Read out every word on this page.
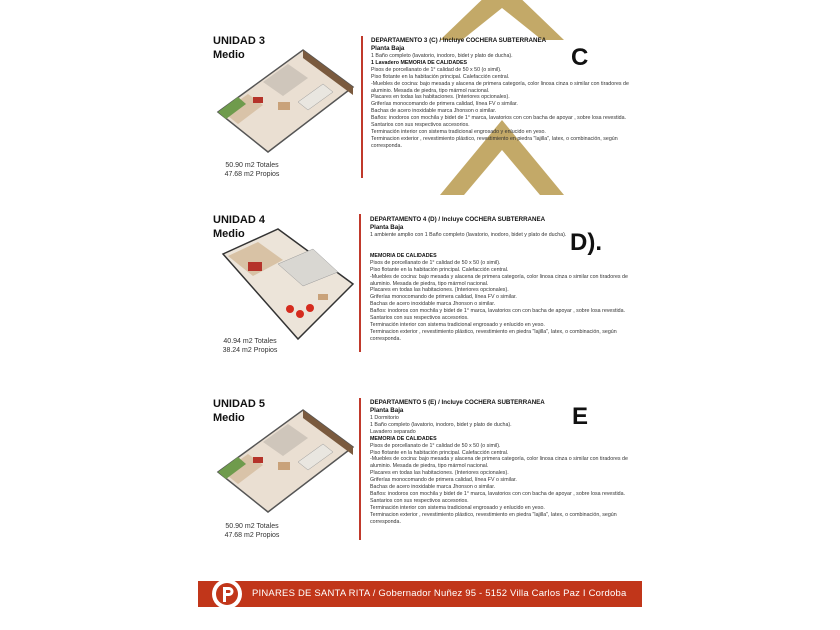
UNIDAD 3
Medio
50.90 m2 Totales
47.68 m2 Propios
DEPARTAMENTO 3 (C) / Incluye COCHERA SUBTERRANEA
Planta Baja
1 Baño completo (lavatorio, inodoro, bidet y plato de ducha).
1 Lavadero MEMORIA DE CALIDADES
Pisos de porcellanato de 1° calidad de 50 x 50 (o simil).
Piso flotante en la habitación principal. Calefacción central.
-Muebles de cocina: bajo mesada y alacena de primera categoría, color linosa cinza o similar con tiradores de aluminio. Mesada de piedra, tipo mármol nacional.
Placares en todas las habitaciones. (Interiores opcionales).
Griferías monocomando de primera calidad, línea FV o similar.
Bachas de acero inoxidable marca Jhonson o similar.
Baños: inodoros con mochila y bidet de 1° marca, lavatorios con con bacha de apoyar , sobre losa revestida. Santarios con sus respectivos accesorios.
Terminación interior con sistema tradicional engrosado y enlucido en yeso.
Terminacion exterior , revestimiento plástico, revestimiento en piedra "lajilla", latex, o combinación, según corresponda.
C
UNIDAD 4
Medio
40.94 m2 Totales
38.24 m2 Propios
DEPARTAMENTO 4 (D) / Incluye COCHERA SUBTERRANEA
Planta Baja
1 ambiente amplio con 1 Baño completo (lavatorio, inodoro, bidet y plato de ducha).
MEMORIA DE CALIDADES
Pisos de porcellanato de 1° calidad de 50 x 50 (o simil).
Piso flotante en la habitación principal. Calefacción central.
-Muebles de cocina: bajo mesada y alacena de primera categoría, color linosa cinza o similar con tiradores de aluminio. Mesada de piedra, tipo mármol nacional.
Placares en todas las habitaciones. (Interiores opcionales).
Griferías monocomando de primera calidad, línea FV o similar.
Bachas de acero inoxidable marca Jhonson o similar.
Baños: inodoros con mochila y bidet de 1° marca, lavatorios con con bacha de apoyar , sobre losa revestida. Santarios con sus respectivos accesorios.
Terminación interior con sistema tradicional engrosado y enlucido en yeso.
Terminacion exterior , revestimiento plástico, revestimiento en piedra "lajilla", latex, o combinación, según corresponda.
D).
UNIDAD 5
Medio
50.90 m2 Totales
47.68 m2 Propios
DEPARTAMENTO 5 (E) / Incluye COCHERA SUBTERRANEA
Planta Baja
1 Dormitorio
1 Baño completo (lavatorio, inodoro, bidet y plato de ducha).
Lavadero separado
MEMORIA DE CALIDADES
Pisos de porcellanato de 1° calidad de 50 x 50 (o simil).
Piso flotante en la habitación principal. Calefacción central.
-Muebles de cocina: bajo mesada y alacena de primera categoría, color linosa cinza o similar con tiradores de aluminio. Mesada de piedra, tipo mármol nacional.
Placares en todas las habitaciones. (Interiores opcionales).
Griferías monocomando de primera calidad, línea FV o similar.
Bachas de acero inoxidable marca Jhonson o similar.
Baños: inodoros con mochila y bidet de 1° marca, lavatorios con con bacha de apoyar , sobre losa revestida. Santarios con sus respectivos accesorios.
Terminación interior con sistema tradicional engrosado y enlucido en yeso.
Terminacion exterior , revestimiento plástico, revestimiento en piedra "lajilla", latex, o combinación, según corresponda.
E
PINARES DE SANTA RITA / Gobernador Nuñez 95 - 5152 Villa Carlos Paz I Cordoba
